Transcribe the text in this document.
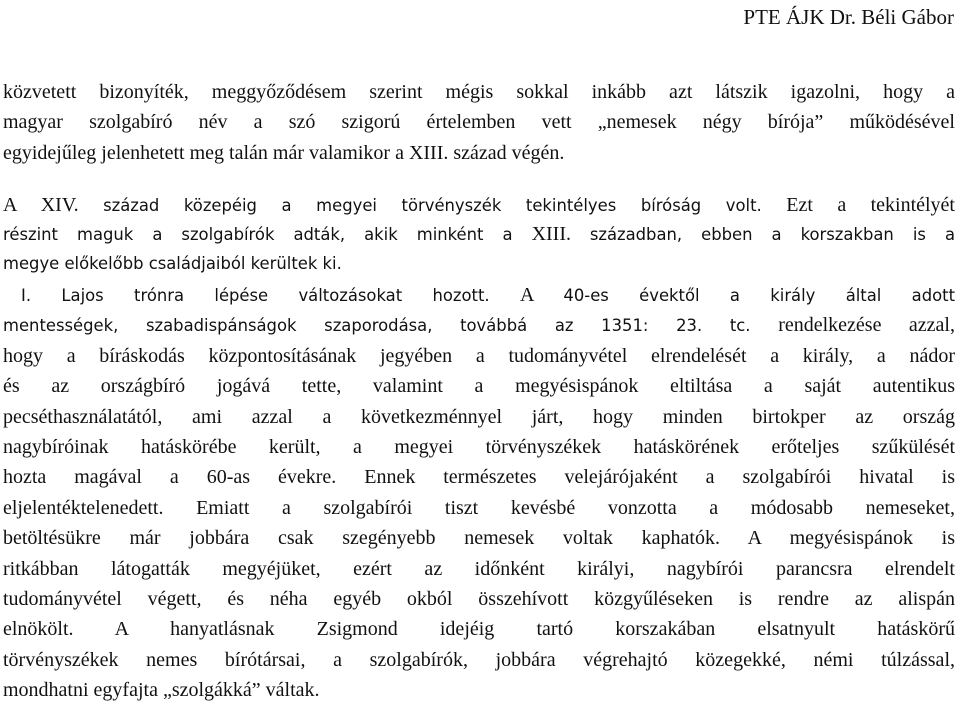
PTE ÁJK Dr. Béli Gábor
közvetett bizonyíték, meggyőződésem szerint mégis sokkal inkább azt látszik igazolni, hogy a
magyar szolgabíró név a szó szigorú értelemben vett „nemesek négy bírója” működésével
egyidejűleg jelenhetett meg talán már valamikor a XIII. század végén.
A XIV. század közepéig a megyei törvényszék tekintélyes bíróság volt. Ezt a tekintélyét
részint maguk a szolgabírók adták, akik minként a XIII. században, ebben a korszakban is a
megye előkelőbb családjaiból kerültek ki.
I. Lajos trónra lépése változásokat hozott. A 40-es évektől a király által adott
mentességek, szabadispánságok szaporodása, továbbá az 1351: 23. tc. rendelkezése azzal,
hogy a bíráskodás központosításának jegyében a tudományvétel elrendelését a király, a nádor
és az országbíró jogává tette, valamint a megyésispánok eltiltása a saját autentikus
pecséthasználatától, ami azzal a következménnyel járt, hogy minden birtokper az ország
nagybíróinak hatáskörébe került, a megyei törvényszékek hatáskörének erőteljes szűkülését
hozta magával a 60-as évekre. Ennek természetes velejárójaként a szolgabírói hivatal is
eljelentéktelenedett. Emiatt a szolgabírói tiszt kevésbé vonzotta a módosabb nemeseket,
betöltésükre már jobbára csak szegényebb nemesek voltak kaphatók. A megyésispánok is
ritkábban látogatták megyéjüket, ezért az időnként királyi, nagybírói parancsra elrendelt
tudományvétel végett, és néha egyéb okból összehívott közgyűléseken is rendre az alispán
elnökölt. A hanyatlásnak Zsigmond idejéig tartó korszakában elsatnyult hatáskörű
törvényszékek nemes bírótársai, a szolgabírók, jobbára végrehajtó közegekké, némi túlzással,
mondhatni egyfajta „szolgákká” váltak.
